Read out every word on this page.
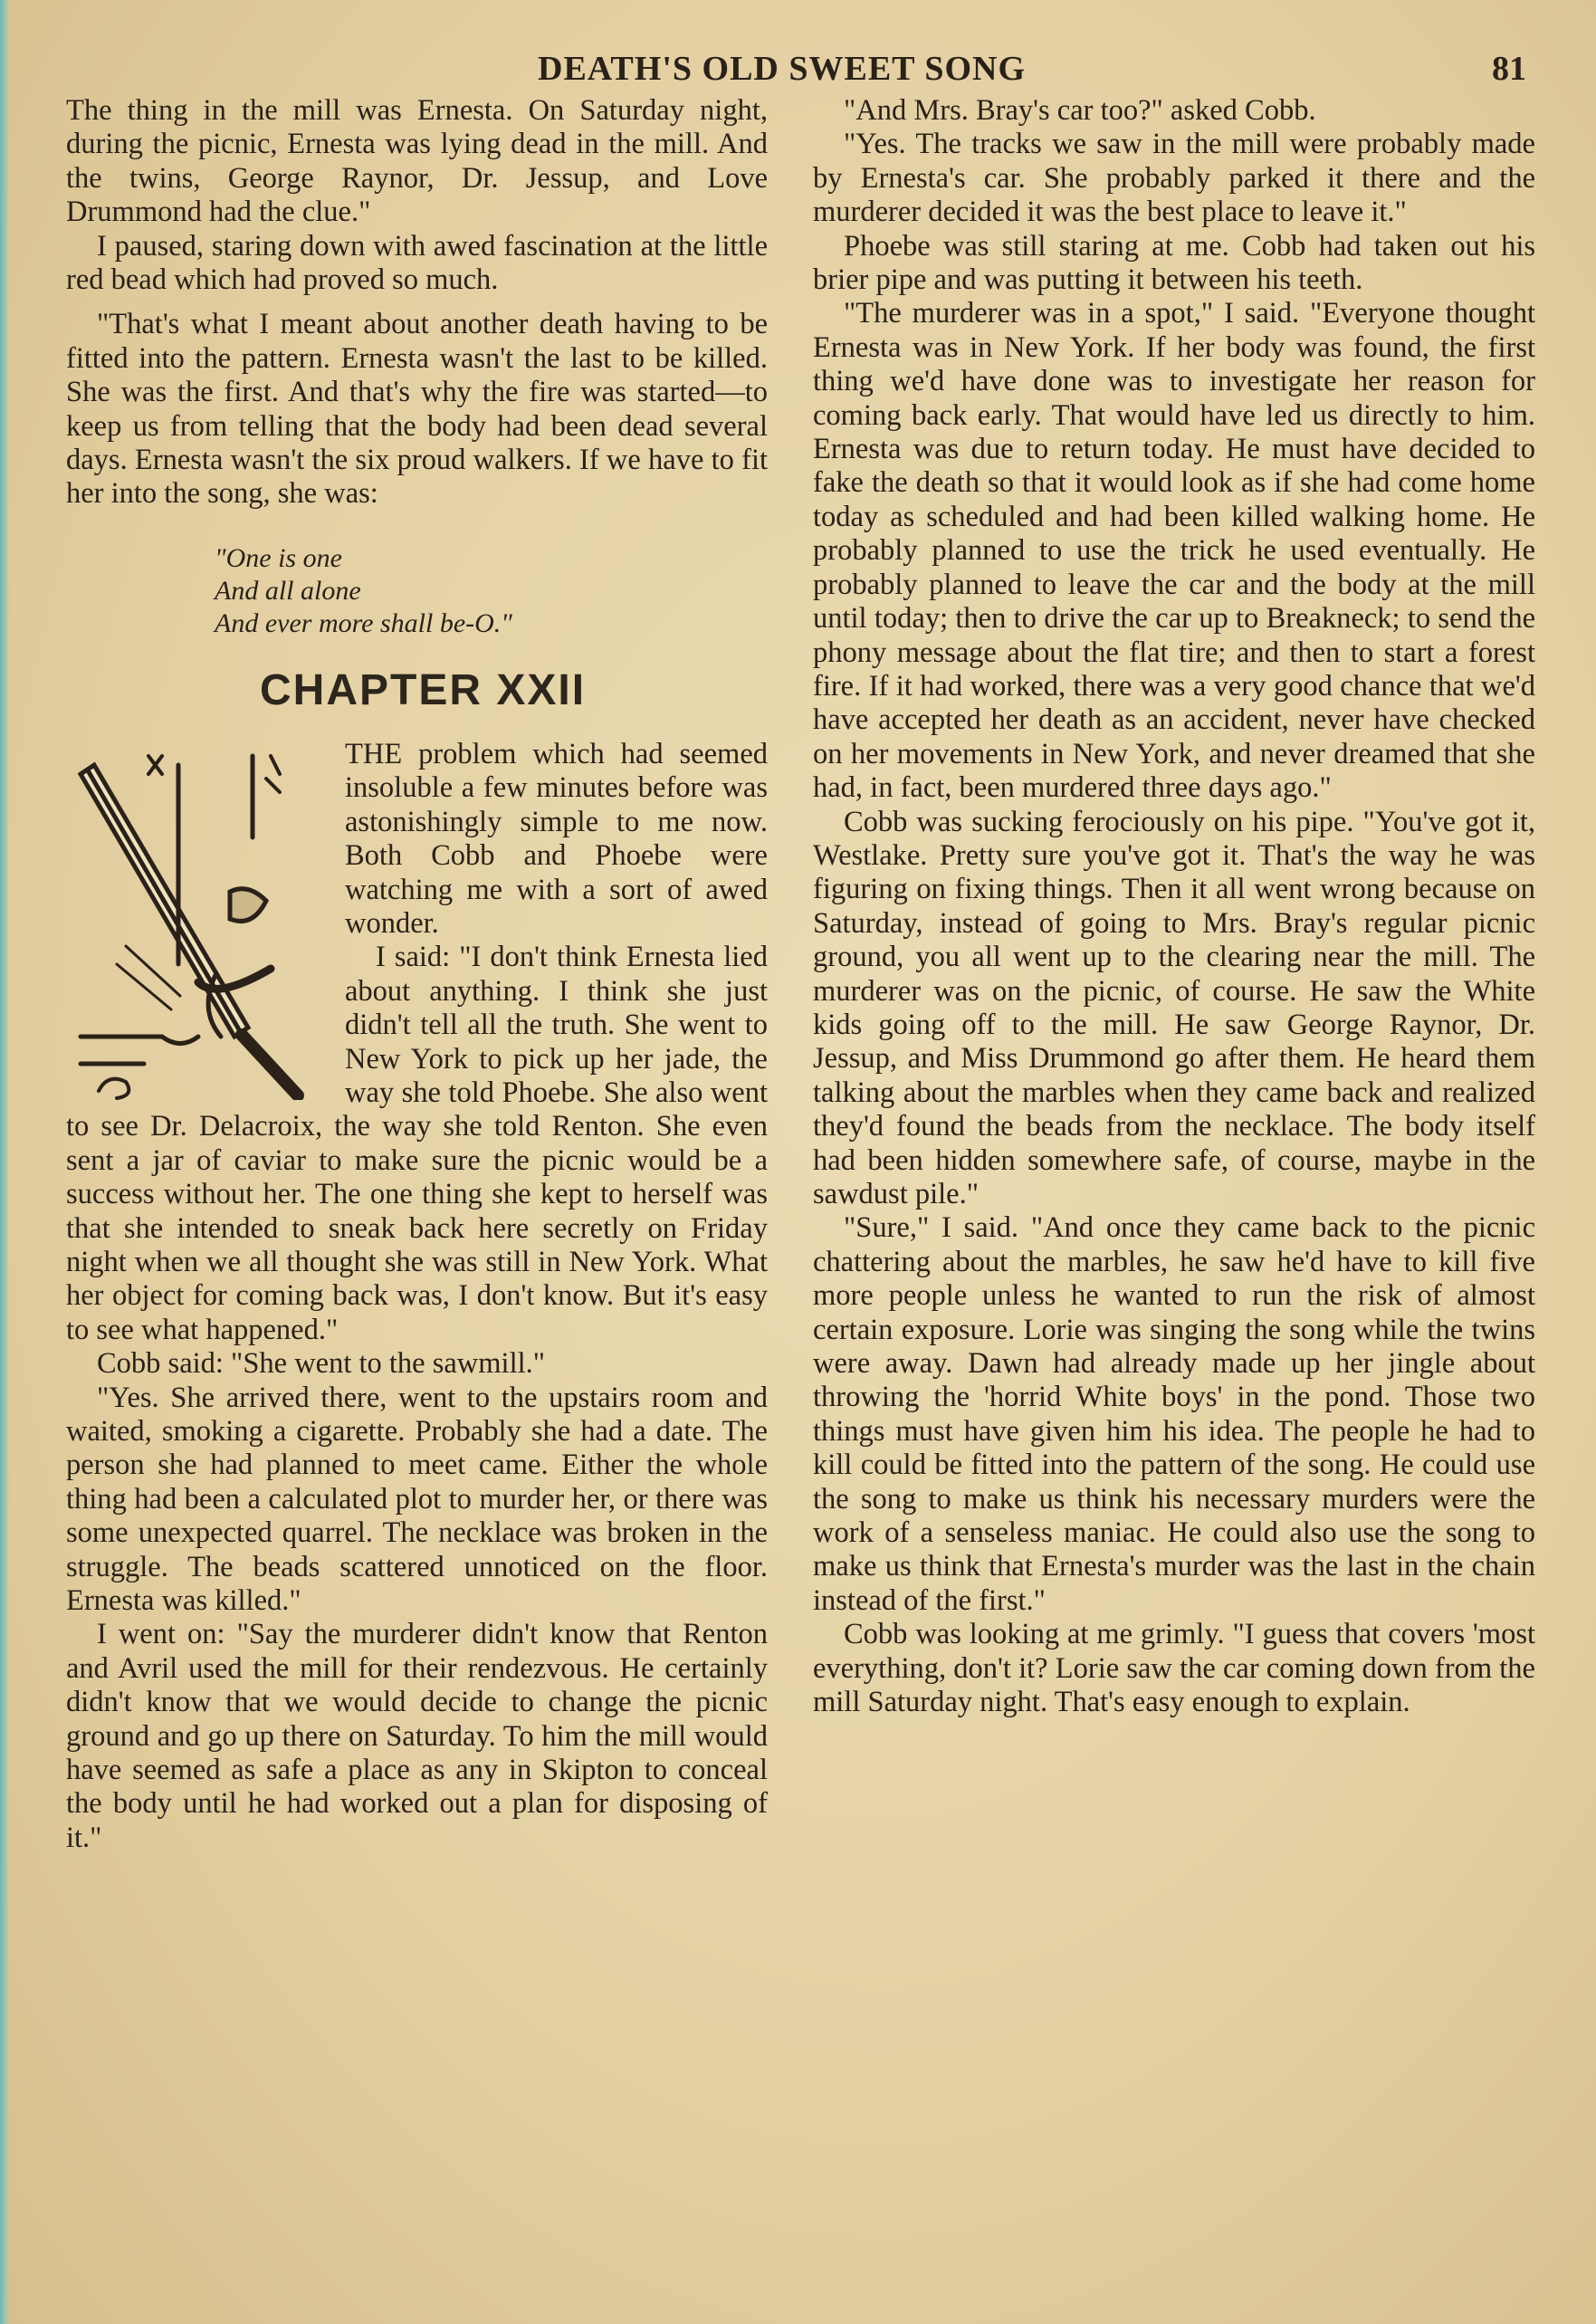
DEATH'S OLD SWEET SONG	81

The thing in the mill was Ernesta. On Saturday night, during the picnic, Ernesta was lying dead in the mill. And the twins, George Raynor, Dr. Jessup, and Love Drummond had the clue."

I paused, staring down with awed fascination at the little red bead which had proved so much.

"That's what I meant about another death having to be fitted into the pattern. Ernesta wasn't the last to be killed. She was the first. And that's why the fire was started—to keep us from telling that the body had been dead several days. Ernesta wasn't the six proud walkers. If we have to fit her into the song, she was:

"One is one
And all alone
And ever more shall be-O."
CHAPTER XXII

THE problem which had seemed insoluble a few minutes before was astonishingly simple to me now. Both Cobb and Phoebe were watching me with a sort of awed wonder.

I said: "I don't think Ernesta lied about anything. I think she just didn't tell all the truth. She went to New York to pick up her jade, the way she told Phoebe. She also went to see Dr. Delacroix, the way she told Renton. She even sent a jar of caviar to make sure the picnic would be a success without her. The one thing she kept to herself was that she intended to sneak back here secretly on Friday night when we all thought she was still in New York. What her object for coming back was, I don't know. But it's easy to see what happened."

Cobb said: "She went to the sawmill."

"Yes. She arrived there, went to the upstairs room and waited, smoking a cigarette. Probably she had a date. The person she had planned to meet came. Either the whole thing had been a calculated plot to murder her, or there was some unexpected quarrel. The necklace was broken in the struggle. The beads scattered unnoticed on the floor. Ernesta was killed."

I went on: "Say the murderer didn't know that Renton and Avril used the mill for their rendezvous. He certainly didn't know that we would decide to change the picnic ground and go up there on Saturday. To him the mill would have seemed as safe a place as any in Skipton to conceal the body until he had worked out a plan for disposing of it."

"And Mrs. Bray's car too?" asked Cobb.

"Yes. The tracks we saw in the mill were probably made by Ernesta's car. She probably parked it there and the murderer decided it was the best place to leave it."

Phoebe was still staring at me. Cobb had taken out his brier pipe and was putting it between his teeth.

"The murderer was in a spot," I said. "Everyone thought Ernesta was in New York. If her body was found, the first thing we'd have done was to investigate her reason for coming back early. That would have led us directly to him. Ernesta was due to return today. He must have decided to fake the death so that it would look as if she had come home today as scheduled and had been killed walking home. He probably planned to use the trick he used eventually. He probably planned to leave the car and the body at the mill until today; then to drive the car up to Breakneck; to send the phony message about the flat tire; and then to start a forest fire. If it had worked, there was a very good chance that we'd have accepted her death as an accident, never have checked on her movements in New York, and never dreamed that she had, in fact, been murdered three days ago."

Cobb was sucking ferociously on his pipe. "You've got it, Westlake. Pretty sure you've got it. That's the way he was figuring on fixing things. Then it all went wrong because on Saturday, instead of going to Mrs. Bray's regular picnic ground, you all went up to the clearing near the mill. The murderer was on the picnic, of course. He saw the White kids going off to the mill. He saw George Raynor, Dr. Jessup, and Miss Drummond go after them. He heard them talking about the marbles when they came back and realized they'd found the beads from the necklace. The body itself had been hidden somewhere safe, of course, maybe in the sawdust pile."

"Sure," I said. "And once they came back to the picnic chattering about the marbles, he saw he'd have to kill five more people unless he wanted to run the risk of almost certain exposure. Lorie was singing the song while the twins were away. Dawn had already made up her jingle about throwing the 'horrid White boys' in the pond. Those two things must have given him his idea. The people he had to kill could be fitted into the pattern of the song. He could use the song to make us think his necessary murders were the work of a senseless maniac. He could also use the song to make us think that Ernesta's murder was the last in the chain instead of the first."

Cobb was looking at me grimly. "I guess that covers 'most everything, don't it? Lorie saw the car coming down from the mill Saturday night. That's easy enough to explain.
